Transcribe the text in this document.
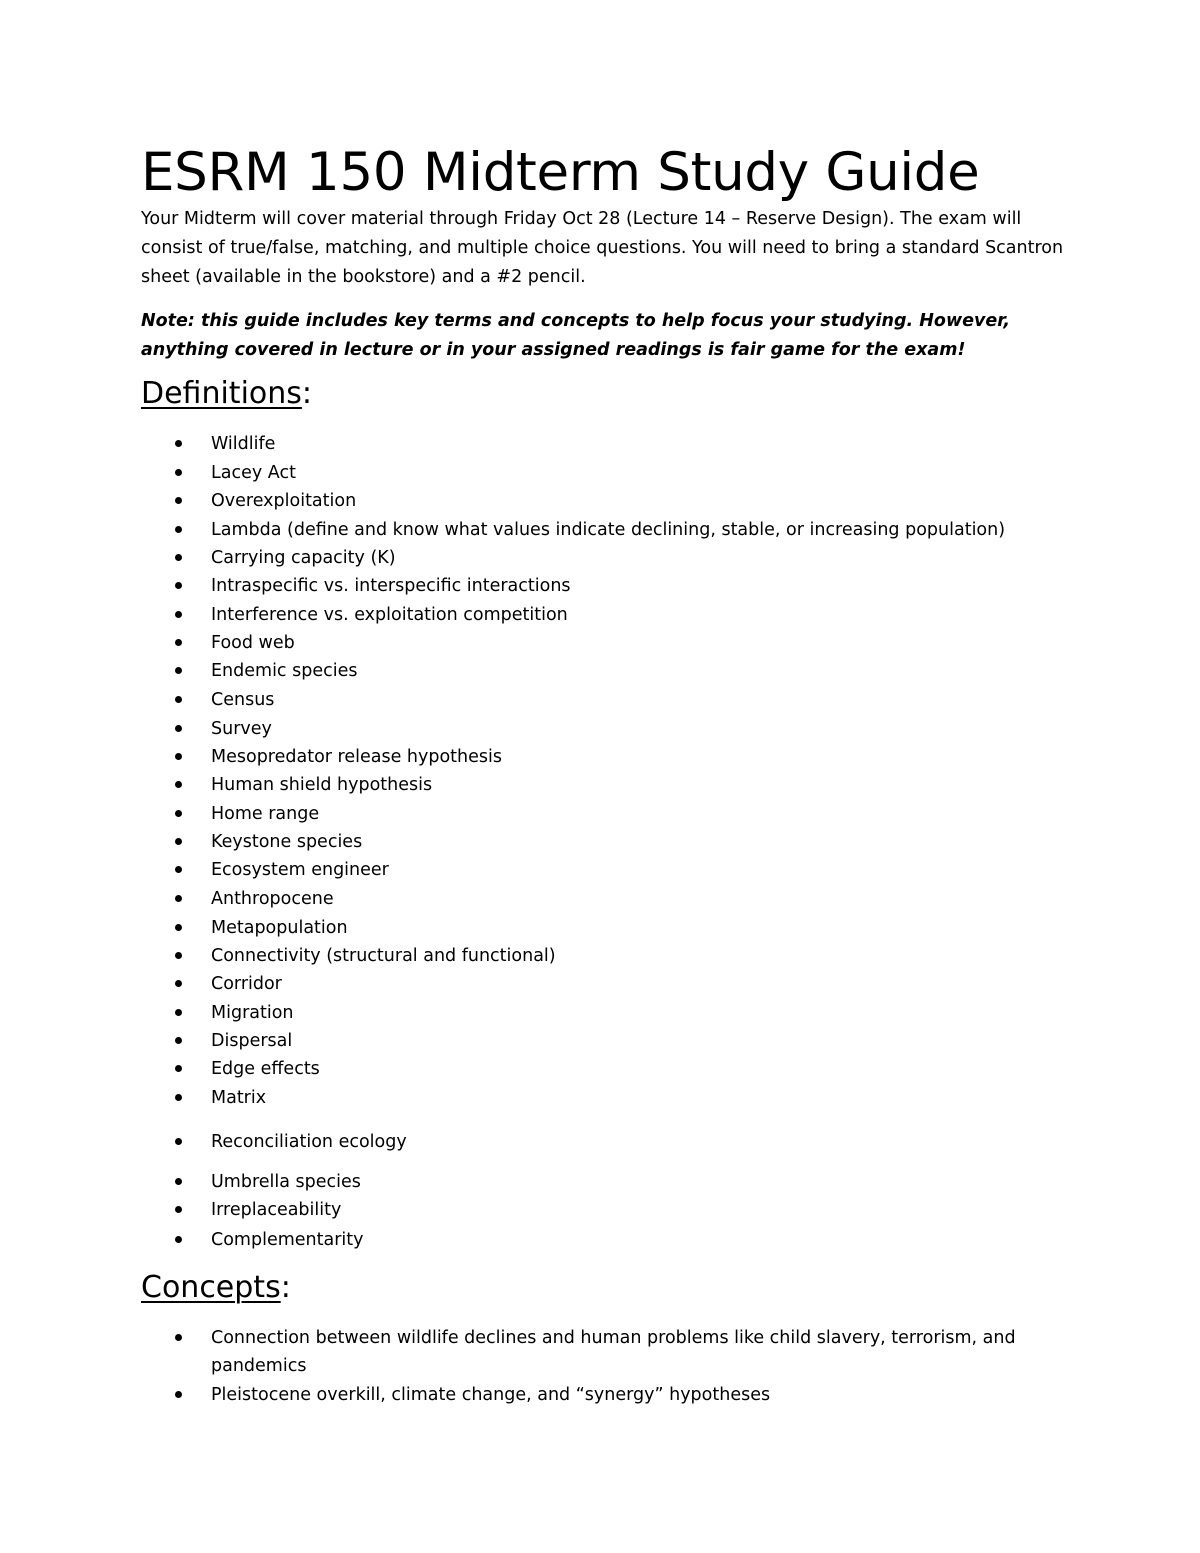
ESRM 150 Midterm Study Guide

Your Midterm will cover material through Friday Oct 28 (Lecture 14 – Reserve Design). The exam will consist of true/false, matching, and multiple choice questions. You will need to bring a standard Scantron sheet (available in the bookstore) and a #2 pencil.

Note: this guide includes key terms and concepts to help focus your studying. However, anything covered in lecture or in your assigned readings is fair game for the exam!

Definitions:
Wildlife
Lacey Act
Overexploitation
Lambda (define and know what values indicate declining, stable, or increasing population)
Carrying capacity (K)
Intraspecific vs. interspecific interactions
Interference vs. exploitation competition
Food web
Endemic species
Census
Survey
Mesopredator release hypothesis
Human shield hypothesis
Home range
Keystone species
Ecosystem engineer
Anthropocene
Metapopulation
Connectivity (structural and functional)
Corridor
Migration
Dispersal
Edge effects
Matrix
Reconciliation ecology
Umbrella species
Irreplaceability
Complementarity
Concepts:
Connection between wildlife declines and human problems like child slavery, terrorism, and pandemics
Pleistocene overkill, climate change, and “synergy” hypotheses
